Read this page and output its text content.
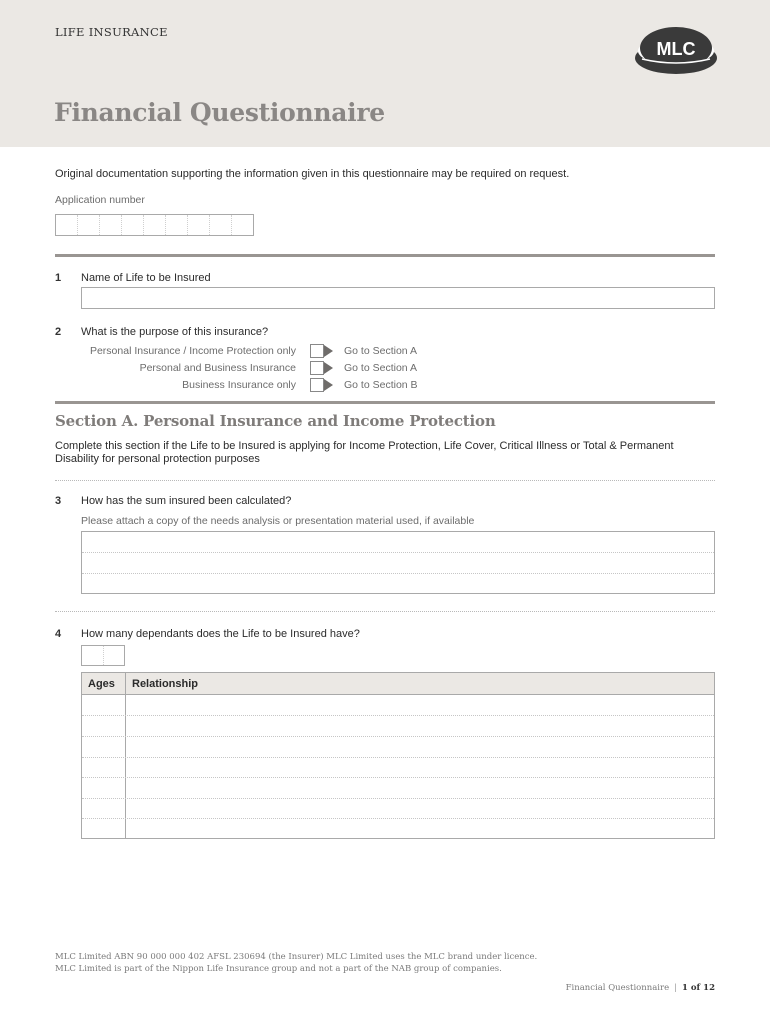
LIFE INSURANCE
Financial Questionnaire
MLC
Original documentation supporting the information given in this questionnaire may be required on request.
Application number
1 Name of Life to be Insured
2 What is the purpose of this insurance?
Personal Insurance / Income Protection only	Go to Section A
Personal and Business Insurance	Go to Section A
Business Insurance only	Go to Section B
Section A. Personal Insurance and Income Protection
Complete this section if the Life to be Insured is applying for Income Protection, Life Cover, Critical Illness or Total & Permanent Disability for personal protection purposes
3 How has the sum insured been calculated?
Please attach a copy of the needs analysis or presentation material used, if available
4 How many dependants does the Life to be Insured have?
Ages Relationship
MLC Limited ABN 90 000 000 402 AFSL 230694 (the Insurer) MLC Limited uses the MLC brand under licence.
MLC Limited is part of the Nippon Life Insurance group and not a part of the NAB group of companies.
Financial Questionnaire | 1 of 12
